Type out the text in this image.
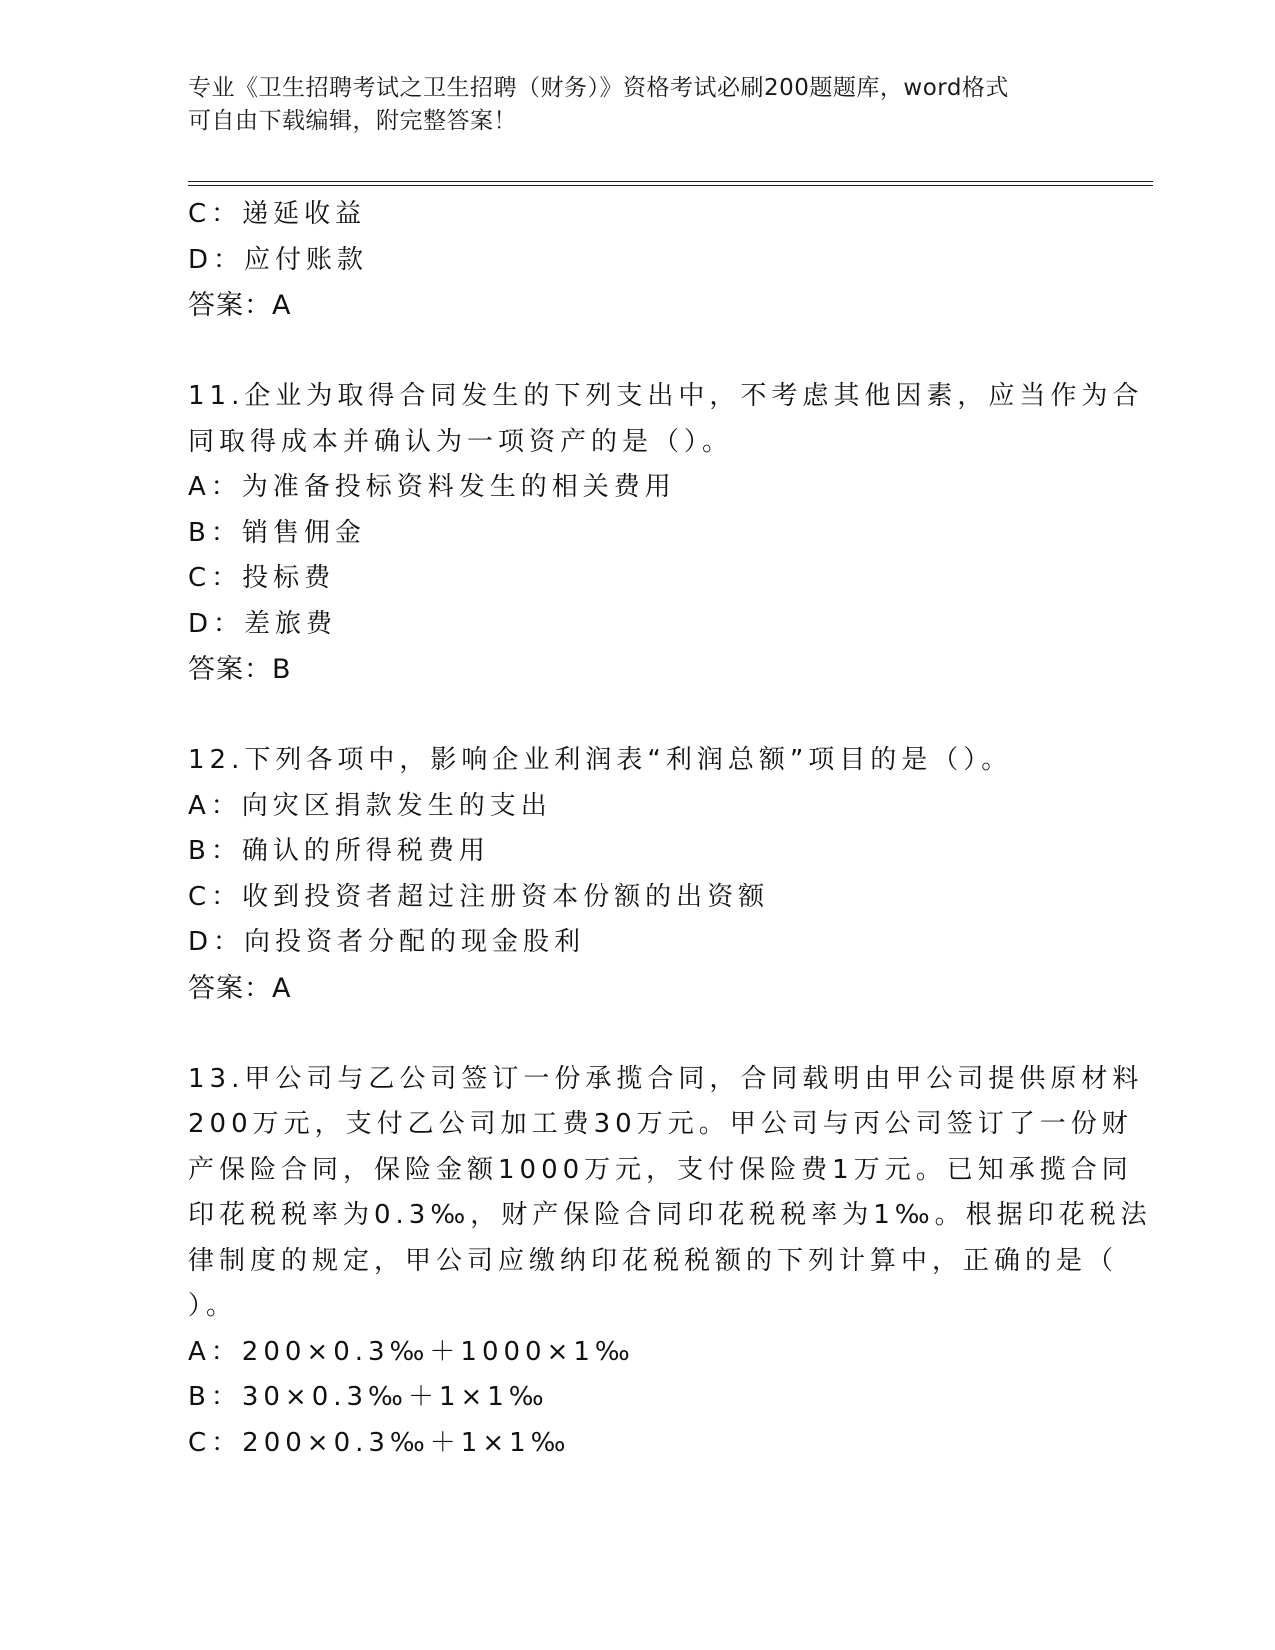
专业《卫生招聘考试之卫生招聘（财务）》资格考试必刷200题题库，word格式
可自由下载编辑，附完整答案！
C：递延收益
D：应付账款
答案：A
11.企业为取得合同发生的下列支出中，不考虑其他因素，应当作为合
同取得成本并确认为一项资产的是（）。
A：为准备投标资料发生的相关费用
B：销售佣金
C：投标费
D：差旅费
答案：B
12.下列各项中，影响企业利润表“利润总额”项目的是（）。
A：向灾区捐款发生的支出
B：确认的所得税费用
C：收到投资者超过注册资本份额的出资额
D：向投资者分配的现金股利
答案：A
13.甲公司与乙公司签订一份承揽合同，合同载明由甲公司提供原材料
200万元，支付乙公司加工费30万元。甲公司与丙公司签订了一份财
产保险合同，保险金额1000万元，支付保险费1万元。已知承揽合同
印花税税率为0.3‰，财产保险合同印花税税率为1‰。根据印花税法
律制度的规定，甲公司应缴纳印花税税额的下列计算中，正确的是（
）。
A：200×0.3‰＋1000×1‰
B：30×0.3‰＋1×1‰
C：200×0.3‰＋1×1‰
